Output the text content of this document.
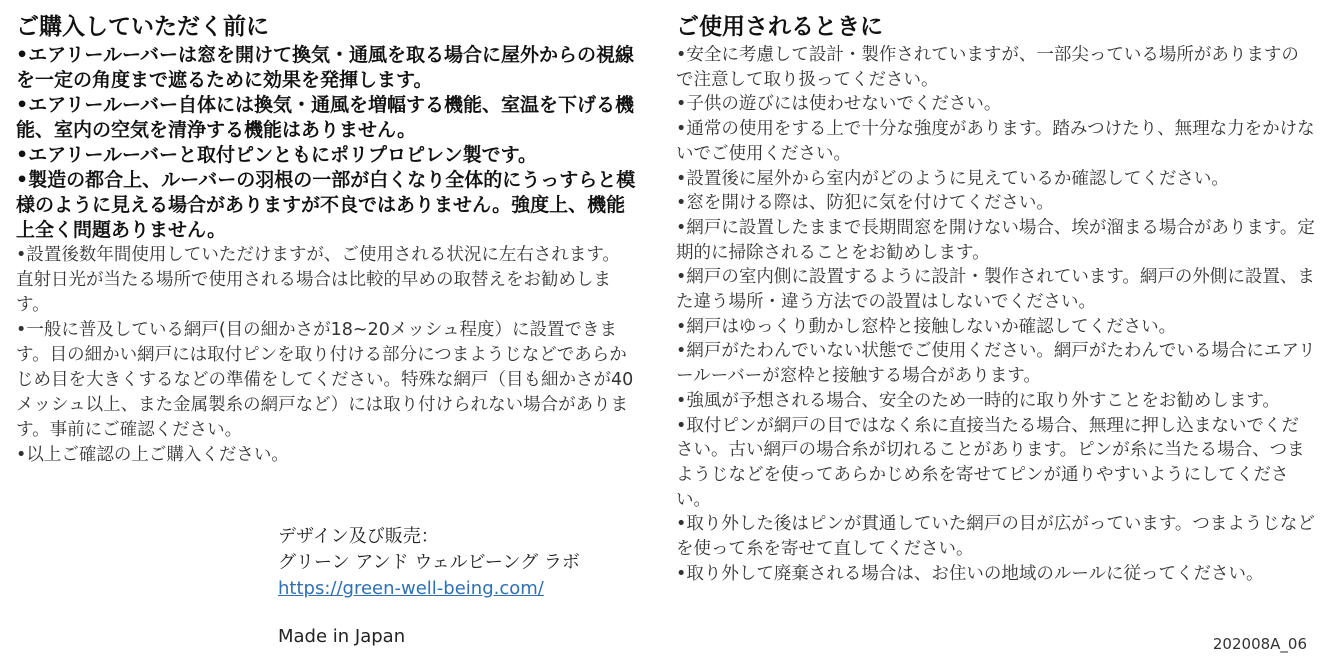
ご購入していただく前に

•エアリールーバーは窓を開けて換気・通風を取る場合に屋外からの視線を一定の角度まで遮るために効果を発揮します。

•エアリールーバー自体には換気・通風を増幅する機能、室温を下げる機能、室内の空気を清浄する機能はありません。

•エアリールーバーと取付ピンともにポリプロピレン製です。

•製造の都合上、ルーバーの羽根の一部が白くなり全体的にうっすらと模様のように見える場合がありますが不良ではありません。強度上、機能上全く問題ありません。

•設置後数年間使用していただけますが、ご使用される状況に左右されます。直射日光が当たる場所で使用される場合は比較的早めの取替えをお勧めします。

•一般に普及している網戸(目の細かさが18~20メッシュ程度）に設置できます。目の細かい網戸には取付ピンを取り付ける部分につまようじなどであらかじめ目を大きくするなどの準備をしてください。特殊な網戸（目も細かさが40メッシュ以上、また金属製糸の網戸など）には取り付けられない場合があります。事前にご確認ください。

•以上ご確認の上ご購入ください。

デザイン及び販売：
グリーン アンド ウェルビーング ラボ
https://green-well-being.com/
Made in Japan
ご使用されるときに

•安全に考慮して設計・製作されていますが、一部尖っている場所がありますので注意して取り扱ってください。

•子供の遊びには使わせないでください。

•通常の使用をする上で十分な強度があります。踏みつけたり、無理な力をかけないでご使用ください。

•設置後に屋外から室内がどのように見えているか確認してください。

•窓を開ける際は、防犯に気を付けてください。

•網戸に設置したままで長期間窓を開けない場合、埃が溜まる場合があります。定期的に掃除されることをお勧めします。

•網戸の室内側に設置するように設計・製作されています。網戸の外側に設置、また違う場所・違う方法での設置はしないでください。

•網戸はゆっくり動かし窓枠と接触しないか確認してください。

•網戸がたわんでいない状態でご使用ください。網戸がたわんでいる場合にエアリールーバーが窓枠と接触する場合があります。

•強風が予想される場合、安全のため一時的に取り外すことをお勧めします。

•取付ピンが網戸の目ではなく糸に直接当たる場合、無理に押し込まないでください。古い網戸の場合糸が切れることがあります。ピンが糸に当たる場合、つまようじなどを使ってあらかじめ糸を寄せてピンが通りやすいようにしてください。

•取り外した後はピンが貫通していた網戸の目が広がっています。つまようじなどを使って糸を寄せて直してください。

•取り外して廃棄される場合は、お住いの地域のルールに従ってください。

202008A_06
